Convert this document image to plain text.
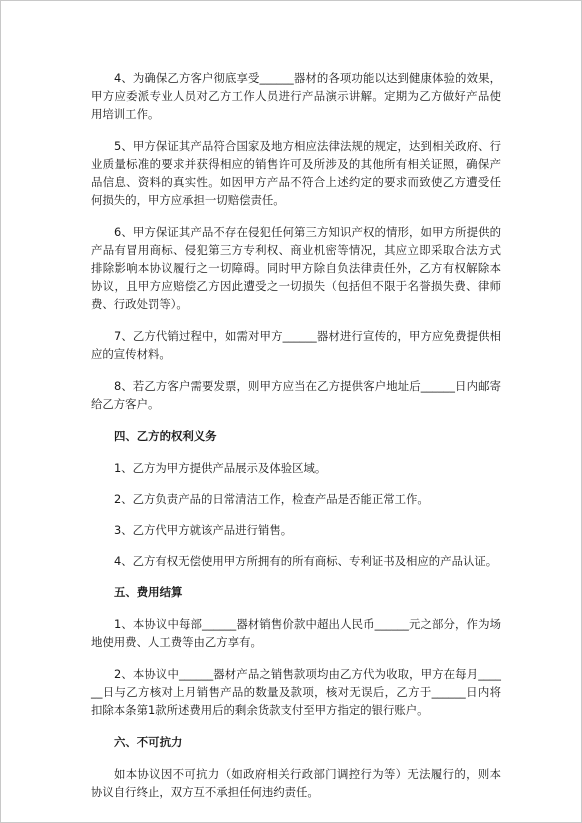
4、为确保乙方客户彻底享受______器材的各项功能以达到健康体验的效果，甲方应委派专业人员对乙方工作人员进行产品演示讲解。定期为乙方做好产品使用培训工作。

5、甲方保证其产品符合国家及地方相应法律法规的规定，达到相关政府、行业质量标准的要求并获得相应的销售许可及所涉及的其他所有相关证照，确保产品信息、资料的真实性。如因甲方产品不符合上述约定的要求而致使乙方遭受任何损失的，甲方应承担一切赔偿责任。

6、甲方保证其产品不存在侵犯任何第三方知识产权的情形，如甲方所提供的产品有冒用商标、侵犯第三方专利权、商业机密等情况，其应立即采取合法方式排除影响本协议履行之一切障碍。同时甲方除自负法律责任外，乙方有权解除本协议，且甲方应赔偿乙方因此遭受之一切损失（包括但不限于名誉损失费、律师费、行政处罚等）。

7、乙方代销过程中，如需对甲方______器材进行宣传的，甲方应免费提供相应的宣传材料。

8、若乙方客户需要发票，则甲方应当在乙方提供客户地址后______日内邮寄给乙方客户。

四、乙方的权利义务

1、乙方为甲方提供产品展示及体验区域。

2、乙方负责产品的日常清洁工作，检查产品是否能正常工作。

3、乙方代甲方就该产品进行销售。

4、乙方有权无偿使用甲方所拥有的所有商标、专利证书及相应的产品认证。

五、费用结算

1、本协议中每部______器材销售价款中超出人民币______元之部分，作为场地使用费、人工费等由乙方享有。

2、本协议中______器材产品之销售款项均由乙方代为收取，甲方在每月______日与乙方核对上月销售产品的数量及款项，核对无误后，乙方于______日内将扣除本条第1款所述费用后的剩余货款支付至甲方指定的银行账户。

六、不可抗力

如本协议因不可抗力（如政府相关行政部门调控行为等）无法履行的，则本协议自行终止，双方互不承担任何违约责任。
